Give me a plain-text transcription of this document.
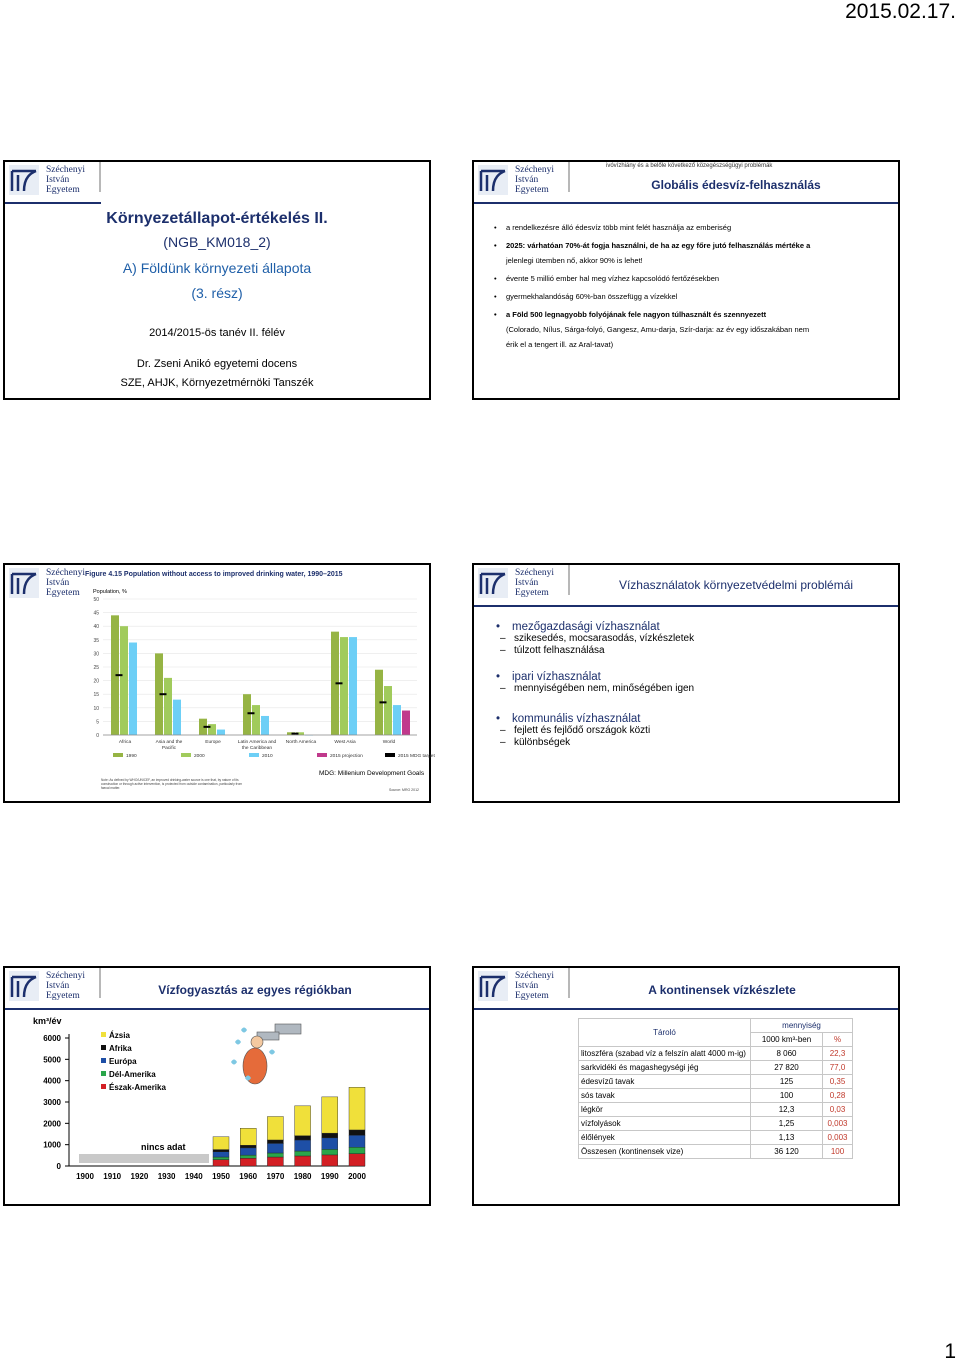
2015.02.17.
1
Széchenyi
István
Egyetem
Környezetállapot-értékelés II.
(NGB_KM018_2)
A) Földünk környezeti állapota
(3. rész)
2014/2015-ös tanév II. félév
Dr. Zseni Anikó egyetemi docens
SZE, AHJK, Környezetmérnöki Tanszék
Széchenyi
István
Egyetem
ivóvízhiány és a belőle következő közegészségügyi problémák
Globális édesvíz-felhasználás
• a rendelkezésre álló édesvíz több mint felét használja az emberiség
• 2025: várhatóan 70%-át fogja használni, de ha az egy főre jutó felhasználás mértéke a
jelenlegi ütemben nő, akkor 90% is lehet!
• évente 5 millió ember hal meg vízhez kapcsolódó fertőzésekben
• gyermekhalandóság 60%-ban összefügg a vízekkel
• a Föld 500 legnagyobb folyójának fele nagyon túlhasznált és szennyezett
(Colorado, Nílus, Sárga-folyó, Gangesz, Amu-darja, Szír-darja: az év egy időszakában nem
érik el a tengert ill. az Aral-tavat)
Széchenyi
István
Egyetem
Figure 4.15 Population without access to improved drinking water, 1990–2015
Population, %
0
5
10
15
20
25
30
35
40
45
50
Africa	Asia and the
Pacific
Europe	Latin America and
the Caribbean
North America	West Asia	World
1990	2000	2010	2015 projection	2015 MDG target
MDG: Millenium Development Goals
Note: As defined by WHO/UNICEF, an improved drinking-water source is one that, by nature of its construction or through active intervention, is protected from outside contamination, particularly from faecal matter.	Source: MRO 2012
Széchenyi
István
Egyetem
Vízhasználatok környezetvédelmi problémái
• mezőgazdasági vízhasználat
– szikesedés, mocsarasodás, vízkészletek
– túlzott felhasználása
• ipari vízhasználat
– mennyiségében nem, minőségében igen
• kommunális vízhasználat
– fejlett és fejlődő országok közti
– különbségek
Széchenyi
István
Egyetem	Vízfogyasztás az egyes régiókban
km³/év
0
1000
2000
3000
4000
5000
6000
1900 1910 1920 1930 1940 1950 1960 1970 1980 1990 2000
nincs adat
Ázsia
Afrika
Európa
Dél-Amerika
Észak-Amerika
Széchenyi
István
Egyetem	A kontinensek vízkészlete
Tároló	mennyiség	
	1000 km³-ben	%
litoszféra (szabad víz a felszín alatt 4000 m-ig)	8 060	22,3
sarkvidéki és magashegységi jég	27 820	77,0
édesvízű tavak	125	0,35
sós tavak	100	0,28
légkör	12,3	0,03
vízfolyások	1,25	0,003
élőlények	1,13	0,003
Összesen (kontinensek vize)	36 120	100
